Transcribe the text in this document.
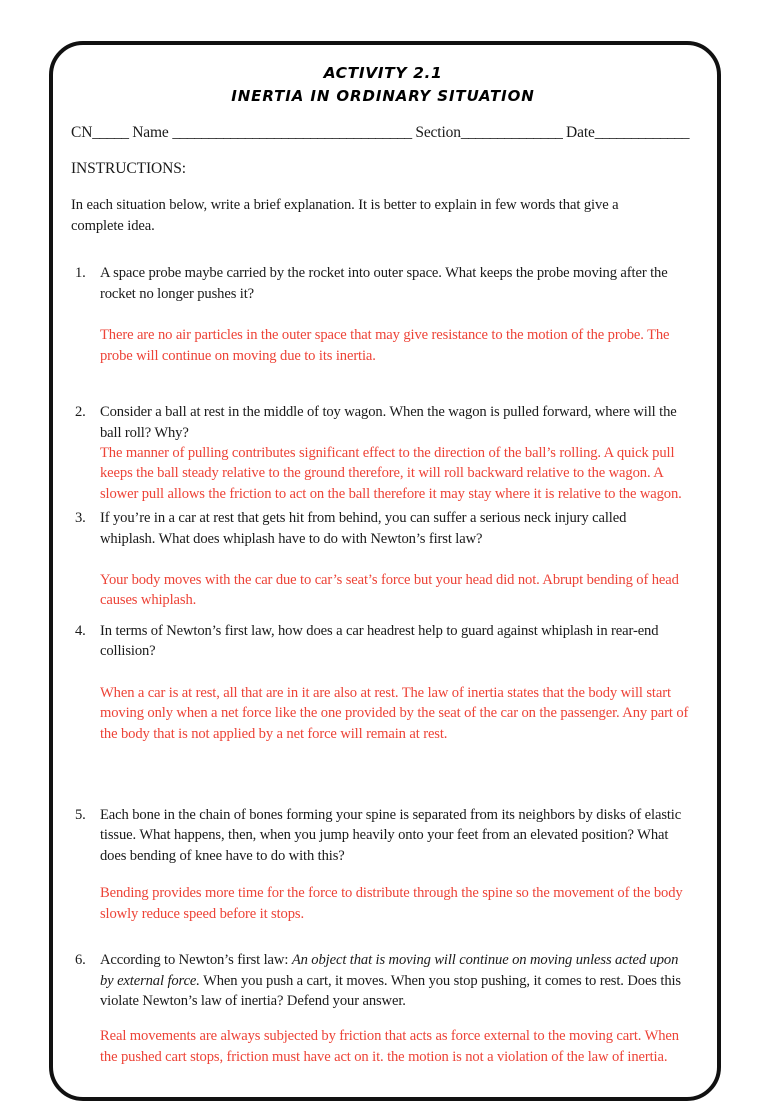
ACTIVITY 2.1
INERTIA IN ORDINARY SITUATION
CN_____ Name _________________________________ Section______________ Date_____________
INSTRUCTIONS:
In each situation below, write a brief explanation. It is better to explain in few words that give a complete idea.
1. A space probe maybe carried by the rocket into outer space. What keeps the probe moving after the rocket no longer pushes it?
There are no air particles in the outer space that may give resistance to the motion of the probe. The probe will continue on moving due to its inertia.
2. Consider a ball at rest in the middle of toy wagon. When the wagon is pulled forward, where will the ball roll? Why?
The manner of pulling contributes significant effect to the direction of the ball’s rolling. A quick pull keeps the ball steady relative to the ground therefore, it will roll backward relative to the wagon. A slower pull allows the friction to act on the ball therefore it may stay where it is relative to the wagon.
3. If you’re in a car at rest that gets hit from behind, you can suffer a serious neck injury called whiplash. What does whiplash have to do with Newton’s first law?
Your body moves with the car due to car’s seat’s force but your head did not. Abrupt bending of head causes whiplash.
4. In terms of Newton’s first law, how does a car headrest help to guard against whiplash in rear-end collision?
When a car is at rest, all that are in it are also at rest. The law of inertia states that the body will start moving only when a net force like the one provided by the seat of the car on the passenger. Any part of the body that is not applied by a net force will remain at rest.
5. Each bone in the chain of bones forming your spine is separated from its neighbors by disks of elastic tissue. What happens, then, when you jump heavily onto your feet from an elevated position? What does bending of knee have to do with this?
Bending provides more time for the force to distribute through the spine so the movement of the body slowly reduce speed before it stops.
6. According to Newton’s first law: An object that is moving will continue on moving unless acted upon by external force. When you push a cart, it moves. When you stop pushing, it comes to rest. Does this violate Newton’s law of inertia? Defend your answer.
Real movements are always subjected by friction that acts as force external to the moving cart. When the pushed cart stops, friction must have act on it. the motion is not a violation of the law of inertia.
